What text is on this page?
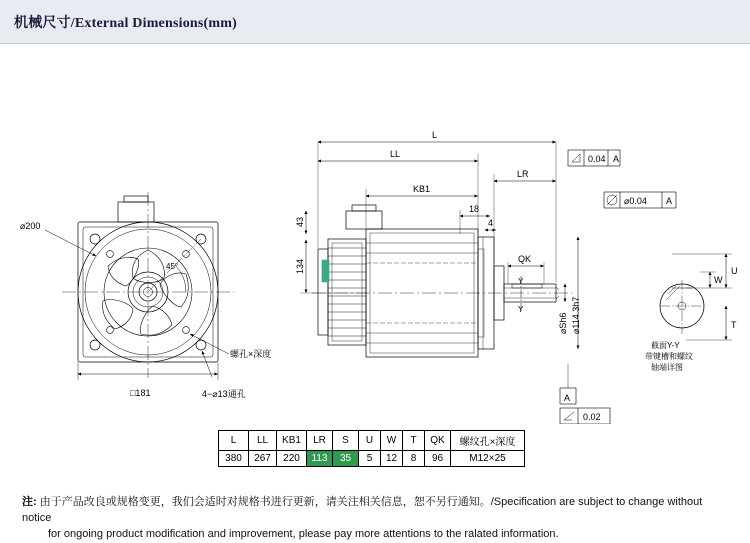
机械尺寸/External Dimensions(mm)
⌀200
□181
螺孔×深度
4−⌀13通孔
45°
L
LL
KB1
LR
18
4
43
134	QK
Y
Y
⌀Sh6 ⌀114.3h7
0.04 A
⌀0.04 A
A
0.02
U
W
T
截面Y-Y
带键槽和螺纹
轴端详图
L	LL	KB1	LR	S	U	W	T	QK	螺纹孔×深度
380	267	220	113	35	5	12	8	96	M12×25
注: 由于产品改良或规格变更，我们会适时对规格书进行更新，请关注相关信息，恕不另行通知。/Specification are subject to change without notice
for ongoing product modification and improvement, please pay more attentions to the ralated information.
